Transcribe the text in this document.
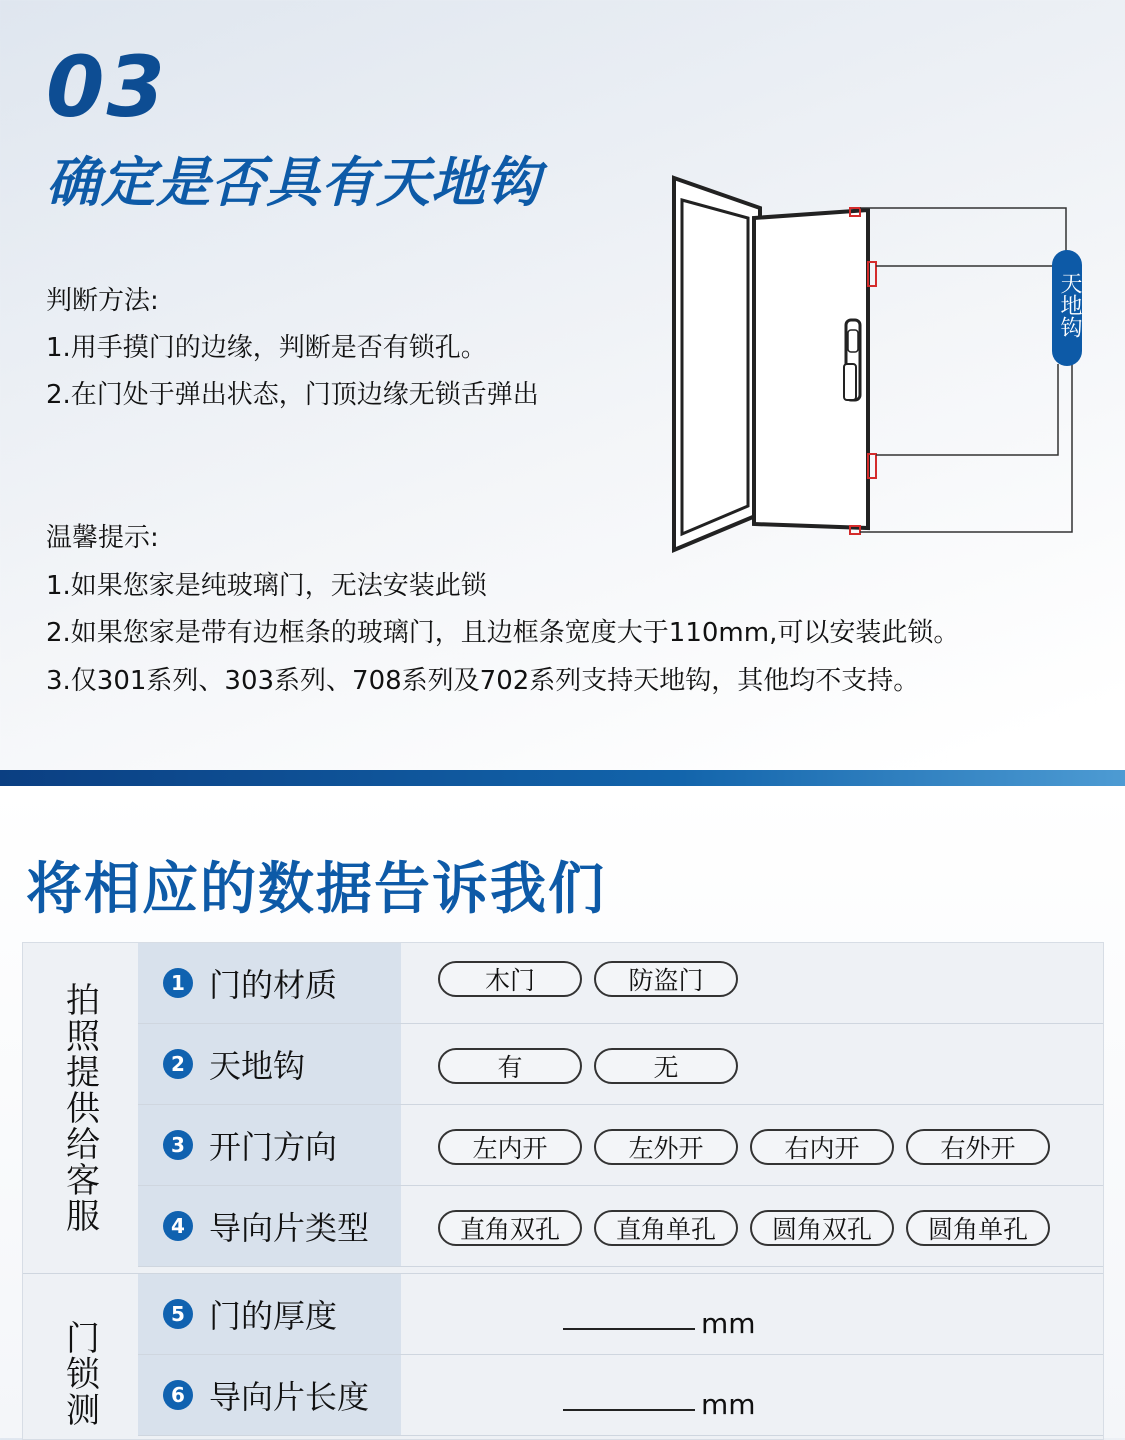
03
确定是否具有天地钩
判断方法:
1.用手摸门的边缘，判断是否有锁孔。
2.在门处于弹出状态，门顶边缘无锁舌弹出
温馨提示:
1.如果您家是纯玻璃门，无法安装此锁
2.如果您家是带有边框条的玻璃门，且边框条宽度大于110mm,可以安装此锁。
3.仅301系列、303系列、708系列及702系列支持天地钩，其他均不支持。
天地钩
将相应的数据告诉我们
拍照提供给客服
门锁测
1 门的材质	木门	防盗门
2 天地钩	有	无
3 开门方向	左内开	左外开	右内开	右外开
4 导向片类型	直角双孔	直角单孔	圆角双孔	圆角单孔
5 门的厚度	mm
6 导向片长度	mm
